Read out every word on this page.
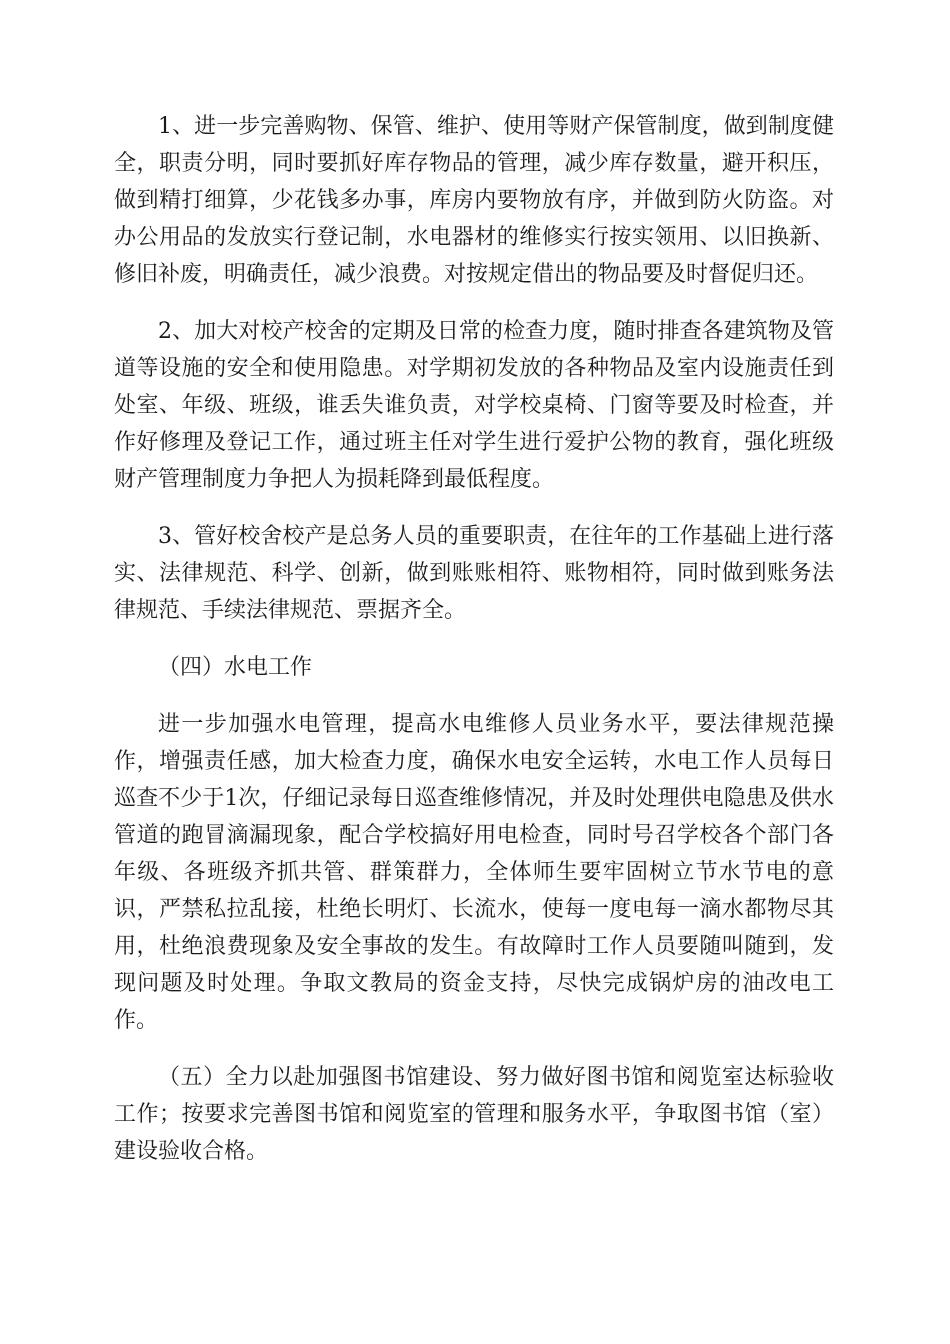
1、进一步完善购物、保管、维护、使用等财产保管制度，做到制度健全，职责分明，同时要抓好库存物品的管理，减少库存数量，避开积压，做到精打细算，少花钱多办事，库房内要物放有序，并做到防火防盗。对办公用品的发放实行登记制，水电器材的维修实行按实领用、以旧换新、修旧补废，明确责任，减少浪费。对按规定借出的物品要及时督促归还。

2、加大对校产校舍的定期及日常的检查力度，随时排查各建筑物及管道等设施的安全和使用隐患。对学期初发放的各种物品及室内设施责任到处室、年级、班级，谁丢失谁负责，对学校桌椅、门窗等要及时检查，并作好修理及登记工作，通过班主任对学生进行爱护公物的教育，强化班级财产管理制度力争把人为损耗降到最低程度。

3、管好校舍校产是总务人员的重要职责，在往年的工作基础上进行落实、法律规范、科学、创新，做到账账相符、账物相符，同时做到账务法律规范、手续法律规范、票据齐全。

（四）水电工作

进一步加强水电管理，提高水电维修人员业务水平，要法律规范操作，增强责任感，加大检查力度，确保水电安全运转，水电工作人员每日巡查不少于1次，仔细记录每日巡查维修情况，并及时处理供电隐患及供水管道的跑冒滴漏现象，配合学校搞好用电检查，同时号召学校各个部门各年级、各班级齐抓共管、群策群力，全体师生要牢固树立节水节电的意识，严禁私拉乱接，杜绝长明灯、长流水，使每一度电每一滴水都物尽其用，杜绝浪费现象及安全事故的发生。有故障时工作人员要随叫随到，发现问题及时处理。争取文教局的资金支持，尽快完成锅炉房的油改电工作。

（五）全力以赴加强图书馆建设、努力做好图书馆和阅览室达标验收工作；按要求完善图书馆和阅览室的管理和服务水平，争取图书馆（室）建设验收合格。
